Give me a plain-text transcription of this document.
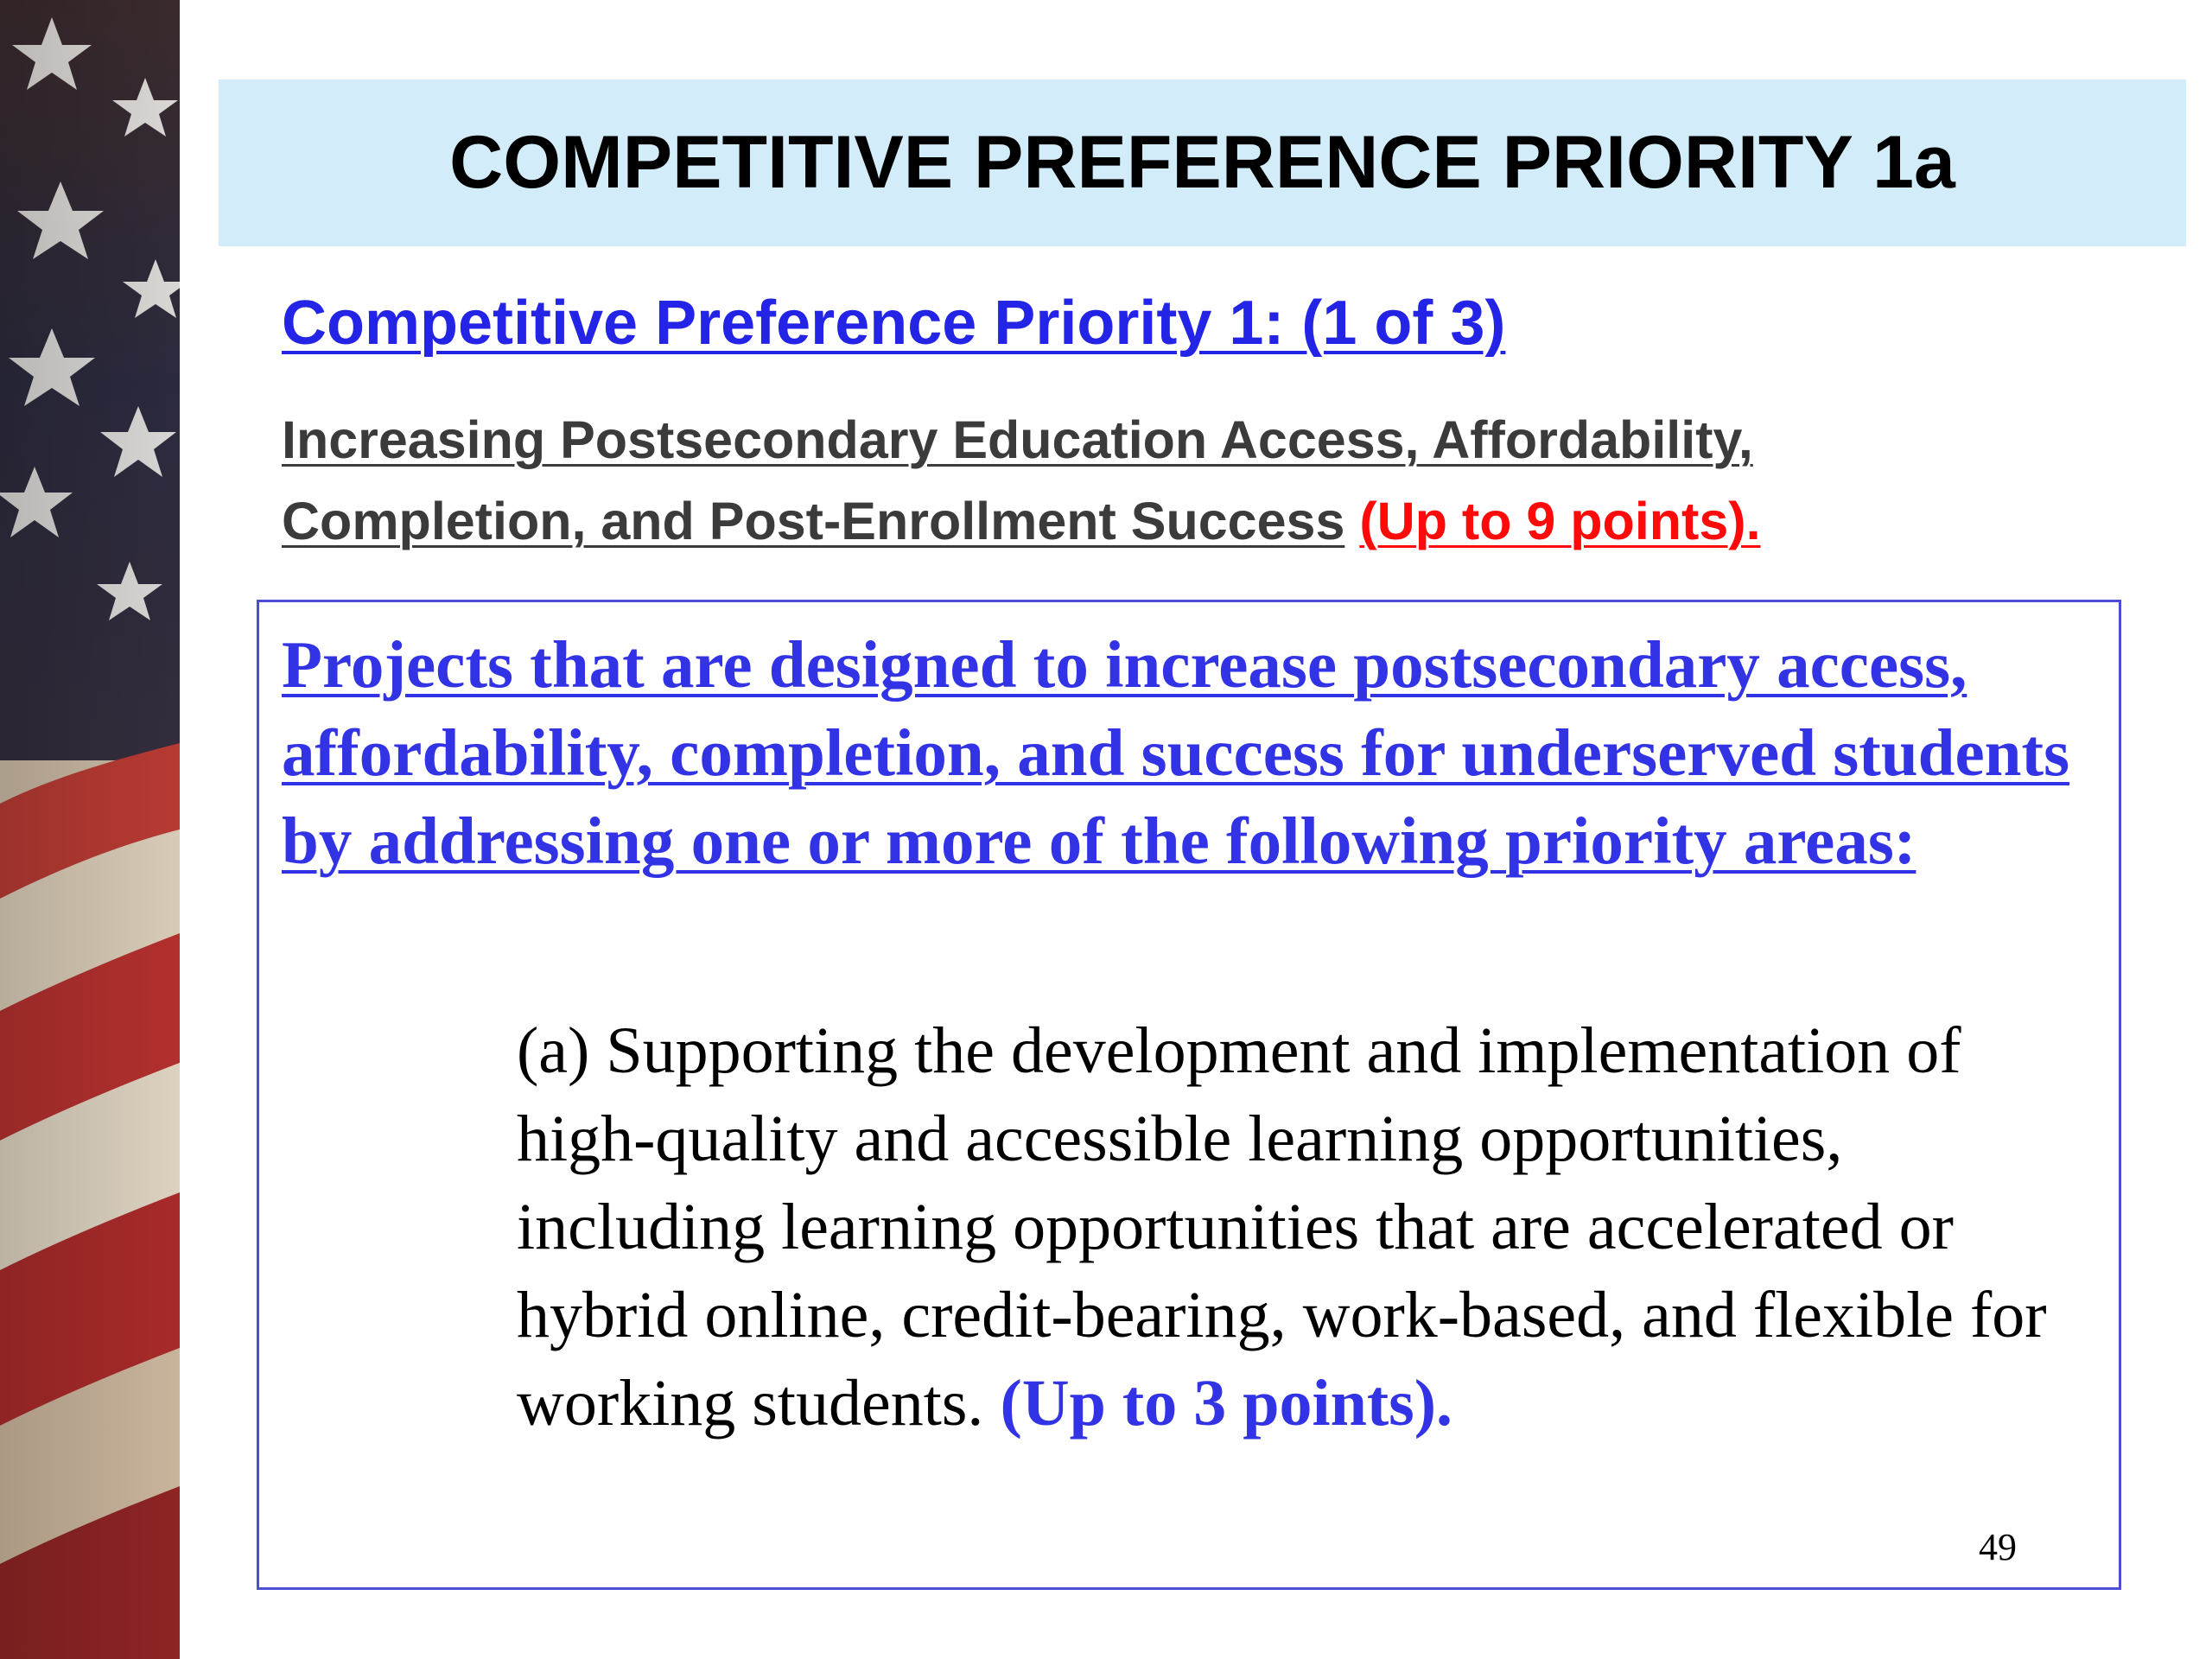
COMPETITIVE PREFERENCE PRIORITY 1a
Competitive Preference Priority 1: (1 of 3)
Increasing Postsecondary Education Access, Affordability,
Completion, and Post-Enrollment Success (Up to 9 points).
Projects that are designed to increase postsecondary access, affordability, completion, and success for underserved students by addressing one or more of the following priority areas:
(a) Supporting the development and implementation of high-quality and accessible learning opportunities, including learning opportunities that are accelerated or hybrid online, credit-bearing, work-based, and flexible for working students. (Up to 3 points).
49
